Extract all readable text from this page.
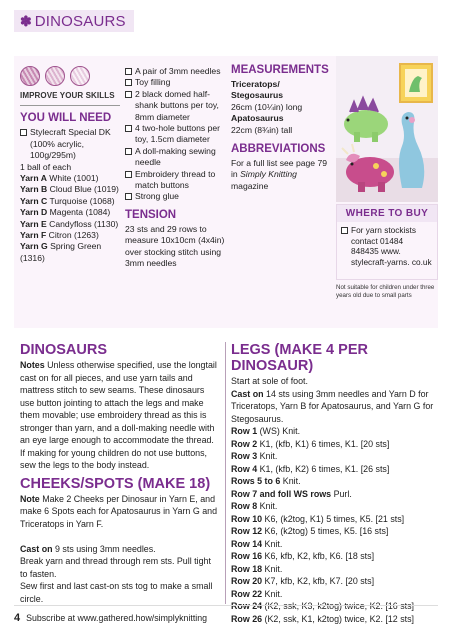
✽ DINOSAURS
IMPROVE YOUR SKILLS
YOU WILL NEED
Stylecraft Special DK (100% acrylic, 100g/295m)
1 ball of each
Yarn A White (1001)
Yarn B Cloud Blue (1019)
Yarn C Turquoise (1068)
Yarn D Magenta (1084)
Yarn E Candyfloss (1130)
Yarn F Citron (1263)
Yarn G Spring Green (1316)
A pair of 3mm needles
Toy filling
2 black domed half-shank buttons per toy, 8mm diameter
4 two-hole buttons per toy, 1.5cm diameter
A doll-making sewing needle
Embroidery thread to match buttons
Strong glue
TENSION
23 sts and 29 rows to measure 10x10cm (4x4in) over stocking stitch using 3mm needles
MEASUREMENTS
Triceratops/ Stegosaurus
26cm (10¼in) long
Apatosaurus
22cm (8¾in) tall
ABBREVIATIONS
For a full list see page 79 in Simply Knitting magazine
WHERE TO BUY
For yarn stockists contact 01484 848435 www. stylecraft-yarns. co.uk
Not suitable for children under three years old due to small parts
DINOSAURS

Notes Unless otherwise specified, use the longtail cast on for all pieces, and use yarn tails and mattress stitch to sew seams. These dinosaurs use button jointing to attach the legs and make them movable; use embroidery thread as this is stronger than yarn, and a doll-making needle with an eye large enough to accommodate the thread. If making for young children do not use buttons, sew the legs to the body instead.

CHEEKS/SPOTS (MAKE 18)

Note Make 2 Cheeks per Dinosaur in Yarn E, and make 6 Spots each for Apatosaurus in Yarn G and Triceratops in Yarn F.

Cast on 9 sts using 3mm needles.

Break yarn and thread through rem sts. Pull tight to fasten.

Sew first and last cast-on sts tog to make a small circle.

LEGS (MAKE 4 PER DINOSAUR)

Start at sole of foot.

Cast on 14 sts using 3mm needles and Yarn D for Triceratops, Yarn B for Apatosaurus, and Yarn G for Stegosaurus.

Row 1 (WS) Knit.

Row 2 K1, (kfb, K1) 6 times, K1. [20 sts]

Row 3 Knit.

Row 4 K1, (kfb, K2) 6 times, K1. [26 sts]

Rows 5 to 6 Knit.

Row 7 and foll WS rows Purl.

Row 8 Knit.

Row 10 K6, (k2tog, K1) 5 times, K5. [21 sts]

Row 12 K6, (k2tog) 5 times, K5. [16 sts]

Row 14 Knit.

Row 16 K6, kfb, K2, kfb, K6. [18 sts]

Row 18 Knit.

Row 20 K7, kfb, K2, kfb, K7. [20 sts]

Row 22 Knit.

Row 24 (K2, ssk, K3, k2tog) twice, K2. [16 sts]

Row 26 (K2, ssk, K1, k2tog) twice, K2. [12 sts]

4 Subscribe at www.gathered.how/simplyknitting
